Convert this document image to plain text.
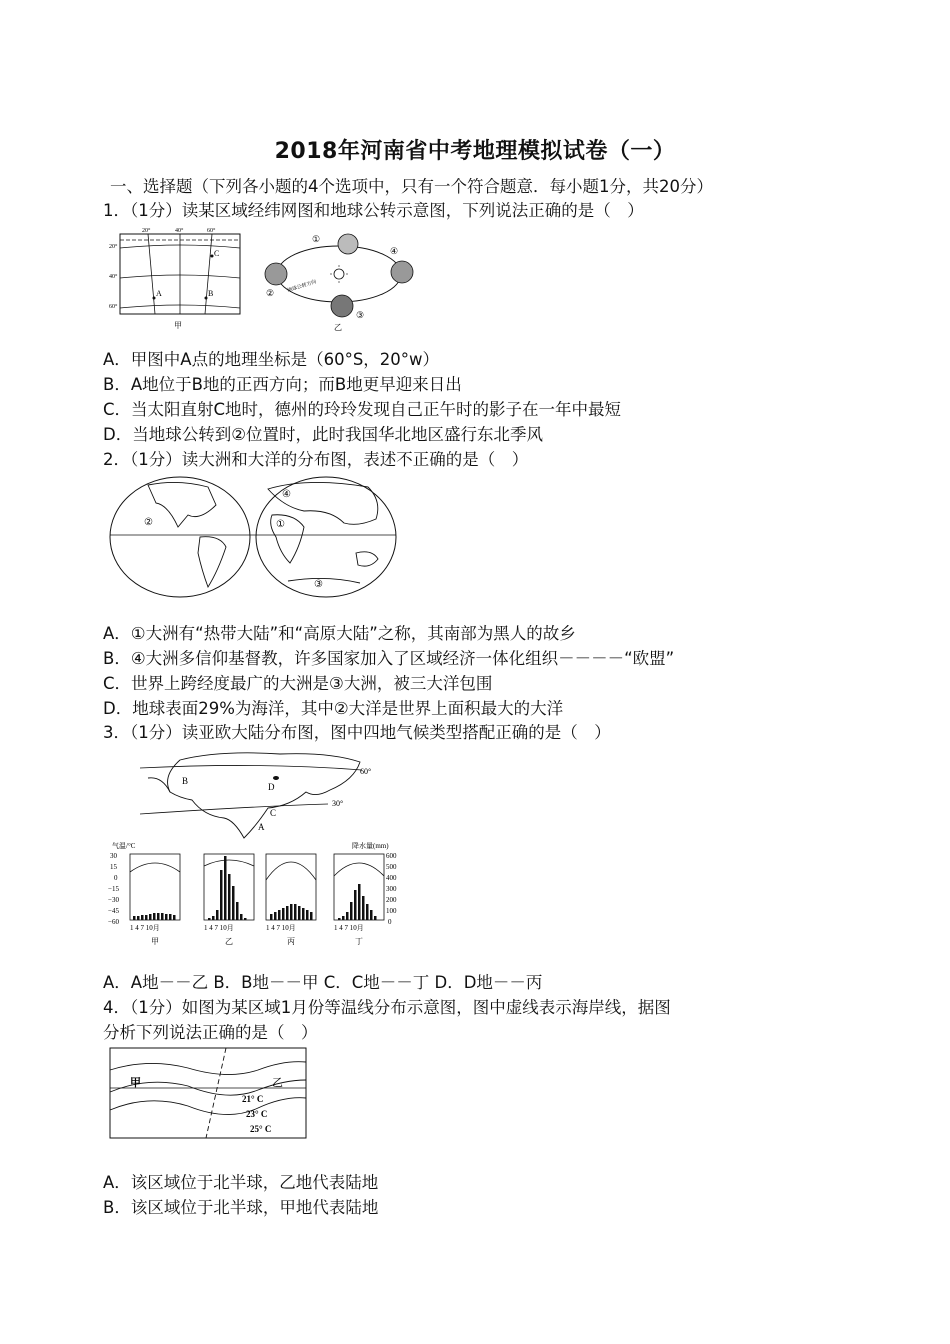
2018年河南省中考地理模拟试卷（一）
一、选择题（下列各小题的4个选项中，只有一个符合题意．每小题1分，共20分）
1．（1分）读某区域经纬网图和地球公转示意图，下列说法正确的是（　）
20°	40°	60°
20°
40°
60°
A	B
C
甲
①
②
③
④
地球公转方向
乙
A．甲图中A点的地理坐标是（60°S，20°w）
B．A地位于B地的正西方向；而B地更早迎来日出
C．当太阳直射C地时，德州的玲玲发现自己正午时的影子在一年中最短
D．当地球公转到②位置时，此时我国华北地区盛行东北季风
2．（1分）读大洲和大洋的分布图，表述不正确的是（　）
①
②
③
④
A．①大洲有“热带大陆”和“高原大陆”之称，其南部为黑人的故乡
B．④大洲多信仰基督教，许多国家加入了区域经济一体化组织－－－－“欧盟”
C．世界上跨经度最广的大洲是③大洲，被三大洋包围
D．地球表面29%为海洋，其中②大洋是世界上面积最大的大洋
3．（1分）读亚欧大陆分布图，图中四地气候类型搭配正确的是（　）
60°
30°
A
B
C
D
气温/°C	降水量(mm)
30
15
0
−15
−30
−45
−60
600
500
400
300
200
100
0
1 4 7 10月	1 4 7 10月	1 4 7 10月	1 4 7 10月
甲	乙	丙	丁
A．A地－－乙 B．B地－－甲 C．C地－－丁 D．D地－－丙
4．（1分）如图为某区域1月份等温线分布示意图，图中虚线表示海岸线，据图
分析下列说法正确的是（　）
甲	乙
21° C
23° C
25° C
A．该区域位于北半球，乙地代表陆地
B．该区域位于北半球，甲地代表陆地
